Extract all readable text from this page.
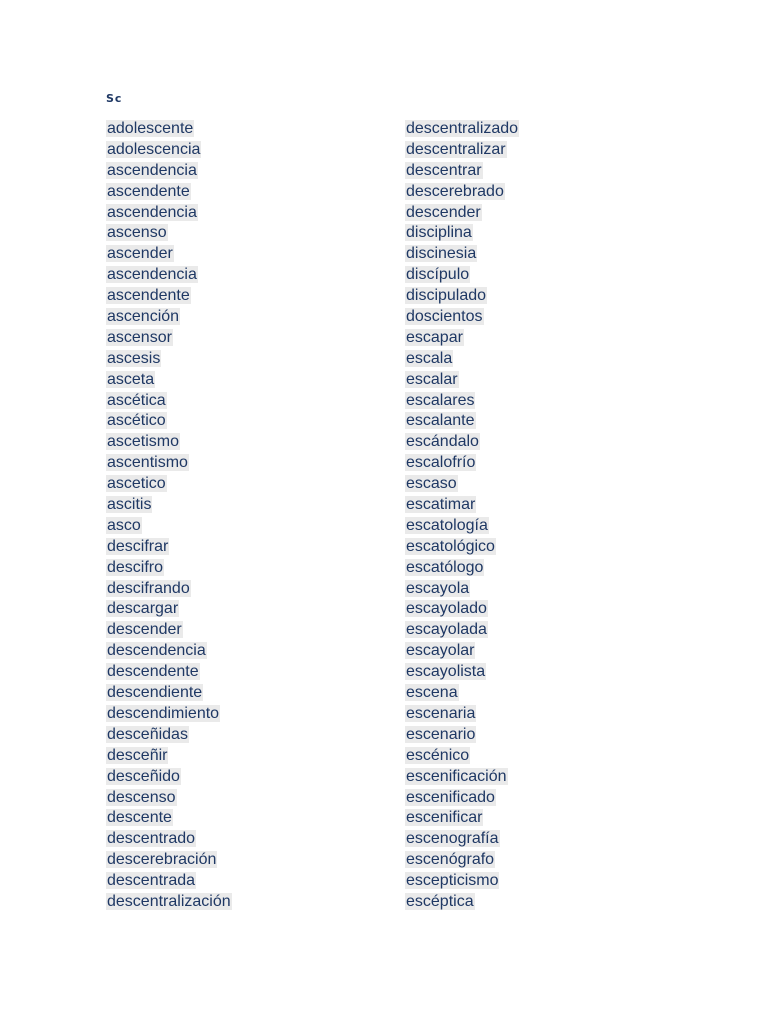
Sc
adolescente
adolescencia
ascendencia
ascendente
ascendencia
ascenso
ascender
ascendencia
ascendente
ascención
ascensor
ascesis
asceta
ascética
ascético
ascetismo
ascentismo
ascetico
ascitis
asco
descifrar
descifro
descifrando
descargar
descender
descendencia
descendente
descendiente
descendimiento
desceñidas
desceñir
desceñido
descenso
descente
descentrado
descerebración
descentrada
descentralización
descentralizado
descentralizar
descentrar
descerebrado
descender
disciplina
discinesia
discípulo
discipulado
doscientos
escapar
escala
escalar
escalares
escalante
escándalo
escalofrío
escaso
escatimar
escatología
escatológico
escatólogo
escayola
escayolado
escayolada
escayolar
escayolista
escena
escenaria
escenario
escénico
escenificación
escenificado
escenificar
escenografía
escenógrafo
escepticismo
escéptica
